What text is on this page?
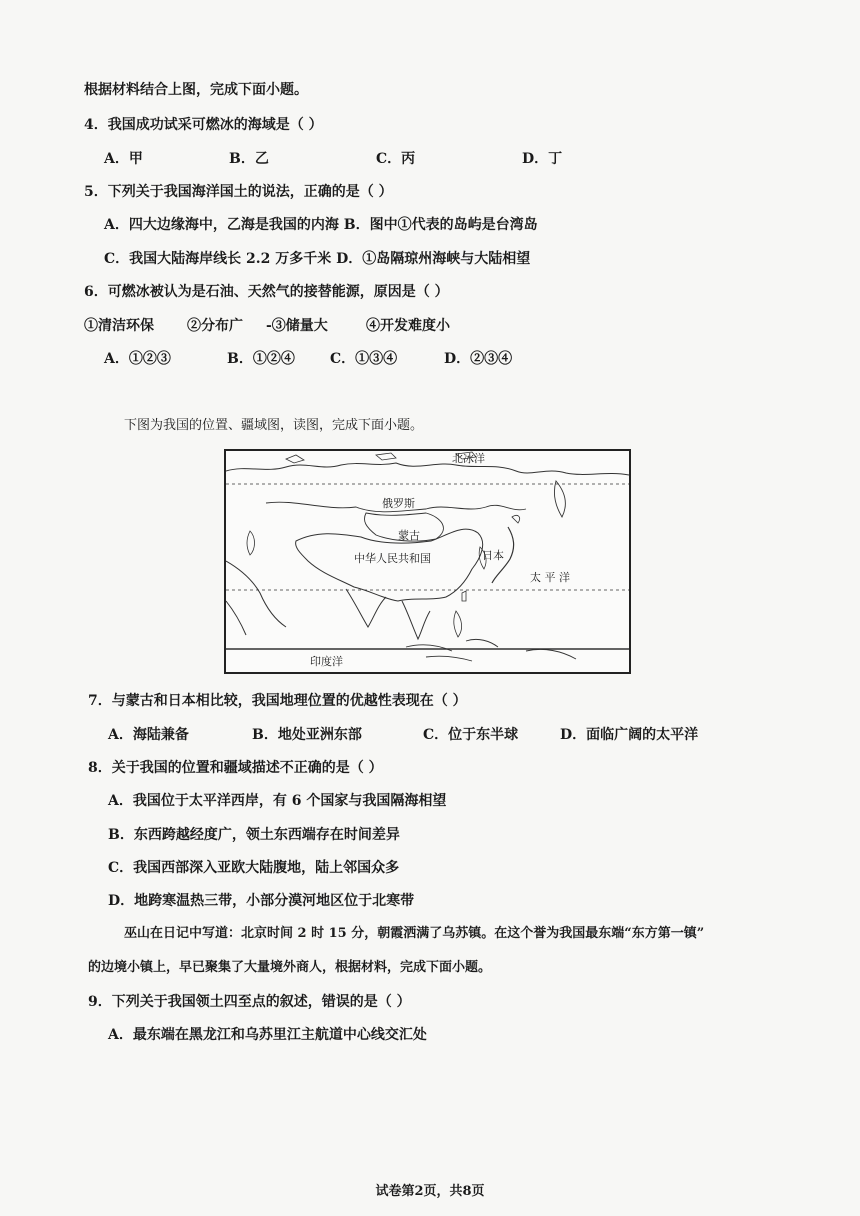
根据材料结合上图，完成下面小题。
4．我国成功试采可燃冰的海域是（ ）
A．甲	B．乙	C．丙	D．丁
5．下列关于我国海洋国土的说法，正确的是（ ）
A．四大边缘海中，乙海是我国的内海 B．图中①代表的岛屿是台湾岛
C．我国大陆海岸线长 2.2 万多千米 D．①岛隔琼州海峡与大陆相望
6．可燃冰被认为是石油、天然气的接替能源，原因是（ ）
①清洁环保 ②分布广 -③储量大	④开发难度小
A．①②③	B．①②④	C．①③④	D．②③④
下图为我国的位置、疆域图，读图，完成下面小题。
北冰洋
俄罗斯
蒙古
中华人民共和国	日本
太 平 洋
印度洋
7．与蒙古和日本相比较，我国地理位置的优越性表现在（ ）
A．海陆兼备	B．地处亚洲东部	C．位于东半球	D．面临广阔的太平洋
8．关于我国的位置和疆域描述不正确的是（ ）
A．我国位于太平洋西岸，有 6 个国家与我国隔海相望
B．东西跨越经度广，领土东西端存在时间差异
C．我国西部深入亚欧大陆腹地，陆上邻国众多
D．地跨寒温热三带，小部分漠河地区位于北寒带
巫山在日记中写道：北京时间 2 时 15 分，朝霞洒满了乌苏镇。在这个誉为我国最东端“东方第一镇”
的边境小镇上，早已聚集了大量境外商人，根据材料，完成下面小题。
9．下列关于我国领土四至点的叙述，错误的是（ ）
A．最东端在黑龙江和乌苏里江主航道中心线交汇处
试卷第2页，共8页
